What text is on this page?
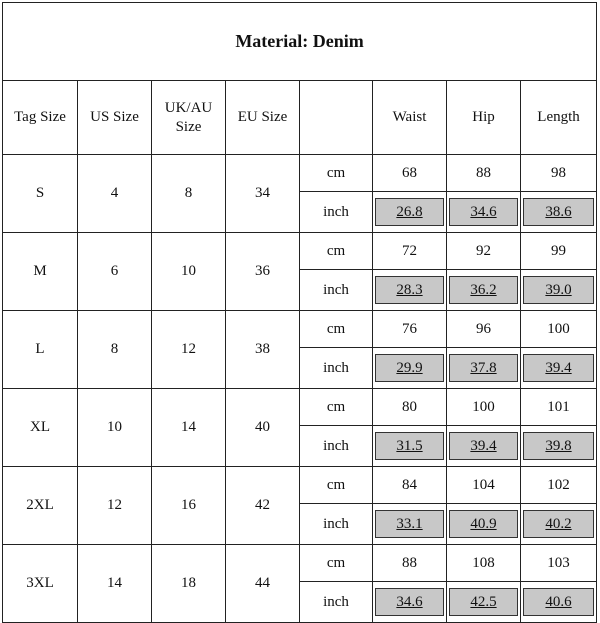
Material: Denim							
Tag Size	US Size	UK/AU Size	EU Size		Waist	Hip	Length
S	4	8	34	cm	68	88	98
				inch	26.8	34.6	38.6

M	6	10	36	cm	72	92	99
				inch	28.3	36.2	39.0

L	8	12	38	cm	76	96	100
				inch	29.9	37.8	39.4

XL	10	14	40	cm	80	100	101
				inch	31.5	39.4	39.8

2XL	12	16	42	cm	84	104	102
				inch	33.1	40.9	40.2

3XL	14	18	44	cm	88	108	103
				inch	34.6	42.5	40.6
